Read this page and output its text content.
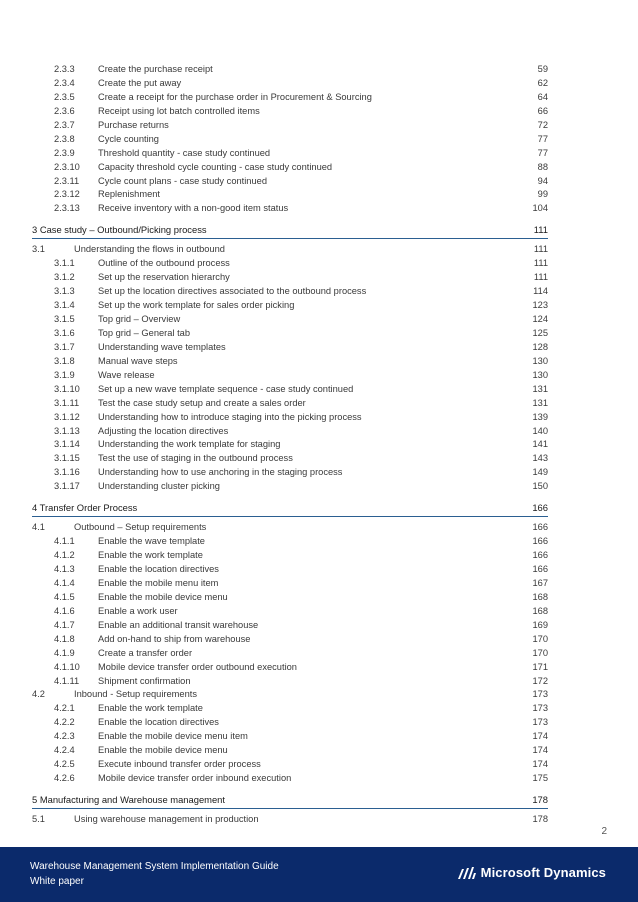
2.3.3	Create the purchase receipt	59
2.3.4	Create the put away	62
2.3.5	Create a receipt for the purchase order in Procurement & Sourcing	64
2.3.6	Receipt using lot batch controlled items	66
2.3.7	Purchase returns	72
2.3.8	Cycle counting	77
2.3.9	Threshold quantity - case study continued	77
2.3.10 Capacity threshold cycle counting - case study continued	88
2.3.11 Cycle count plans - case study continued	94
2.3.12 Replenishment	99
2.3.13 Receive inventory with a non-good item status	104
3 Case study – Outbound/Picking process	111
3.1	Understanding the flows in outbound	111
3.1.1	Outline of the outbound process	111
3.1.2	Set up the reservation hierarchy	111
3.1.3	Set up the location directives associated to the outbound process	114
3.1.4	Set up the work template for sales order picking	123
3.1.5	Top grid – Overview	124
3.1.6	Top grid – General tab	125
3.1.7	Understanding wave templates	128
3.1.8	Manual wave steps	130
3.1.9	Wave release	130
3.1.10 Set up a new wave template sequence - case study continued	131
3.1.11 Test the case study setup and create a sales order	131
3.1.12 Understanding how to introduce staging into the picking process	139
3.1.13 Adjusting the location directives	140
3.1.14 Understanding the work template for staging	141
3.1.15 Test the use of staging in the outbound process	143
3.1.16 Understanding how to use anchoring in the staging process	149
3.1.17 Understanding cluster picking	150
4 Transfer Order Process	166
4.1	Outbound – Setup requirements	166
4.1.1	Enable the wave template	166
4.1.2	Enable the work template	166
4.1.3	Enable the location directives	166
4.1.4	Enable the mobile menu item	167
4.1.5	Enable the mobile device menu	168
4.1.6	Enable a work user	168
4.1.7	Enable an additional transit warehouse	169
4.1.8	Add on-hand to ship from warehouse	170
4.1.9	Create a transfer order	170
4.1.10 Mobile device transfer order outbound execution	171
4.1.11 Shipment confirmation	172
4.2	Inbound - Setup requirements	173
4.2.1	Enable the work template	173
4.2.2	Enable the location directives	173
4.2.3	Enable the mobile device menu item	174
4.2.4	Enable the mobile device menu	174
4.2.5	Execute inbound transfer order process	174
4.2.6	Mobile device transfer order inbound execution	175
5 Manufacturing and Warehouse management	178
5.1	Using warehouse management in production	178
2
Warehouse Management System Implementation Guide
White paper
Microsoft Dynamics
